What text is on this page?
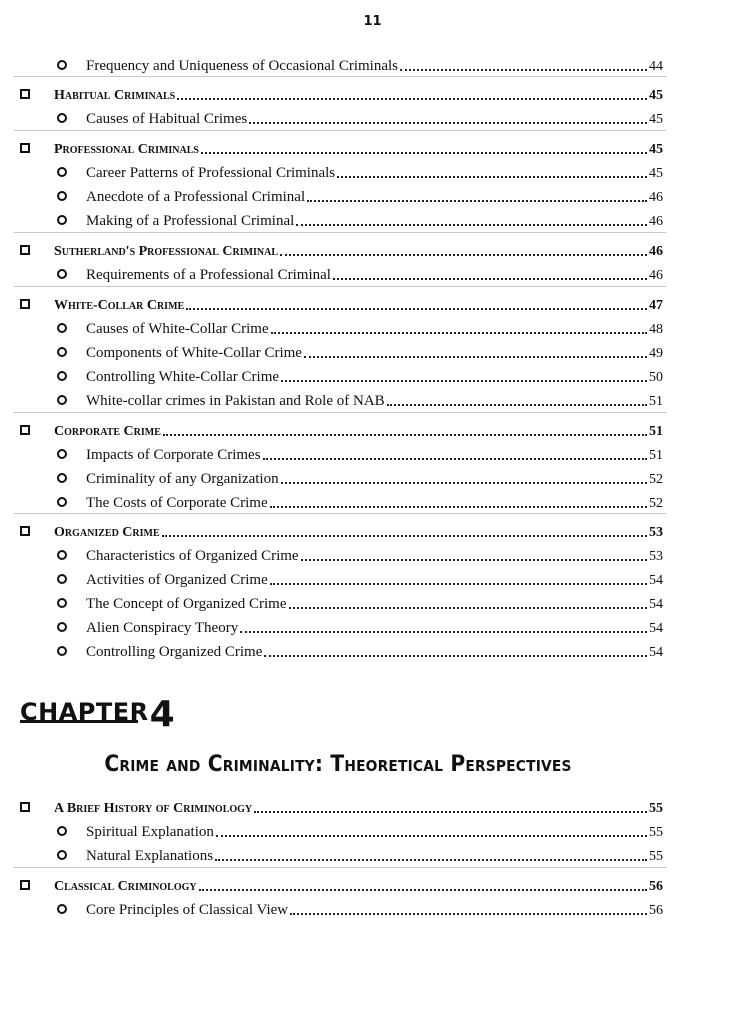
11
Frequency and Uniqueness of Occasional Criminals	44
Habitual Criminals	45
Causes of Habitual Crimes	45
Professional Criminals	45
Career Patterns of Professional Criminals	45
Anecdote of a Professional Criminal	46
Making of a Professional Criminal	46
Sutherland's Professional Criminal	46
Requirements of a Professional Criminal	46
White-Collar Crime	47
Causes of White-Collar Crime	48
Components of White-Collar Crime	49
Controlling White-Collar Crime	50
White-collar crimes in Pakistan and Role of NAB	51
Corporate Crime	51
Impacts of Corporate Crimes	51
Criminality of any Organization	52
The Costs of Corporate Crime	52
Organized Crime	53
Characteristics of Organized Crime	53
Activities of Organized Crime	54
The Concept of Organized Crime	54
Alien Conspiracy Theory	54
Controlling Organized Crime	54
A Brief History of Criminology	55
Spiritual Explanation	55
Natural Explanations	55
Classical Criminology	56
Core Principles of Classical View	56
CHAPTER4
Crime and Criminality: Theoretical Perspectives
